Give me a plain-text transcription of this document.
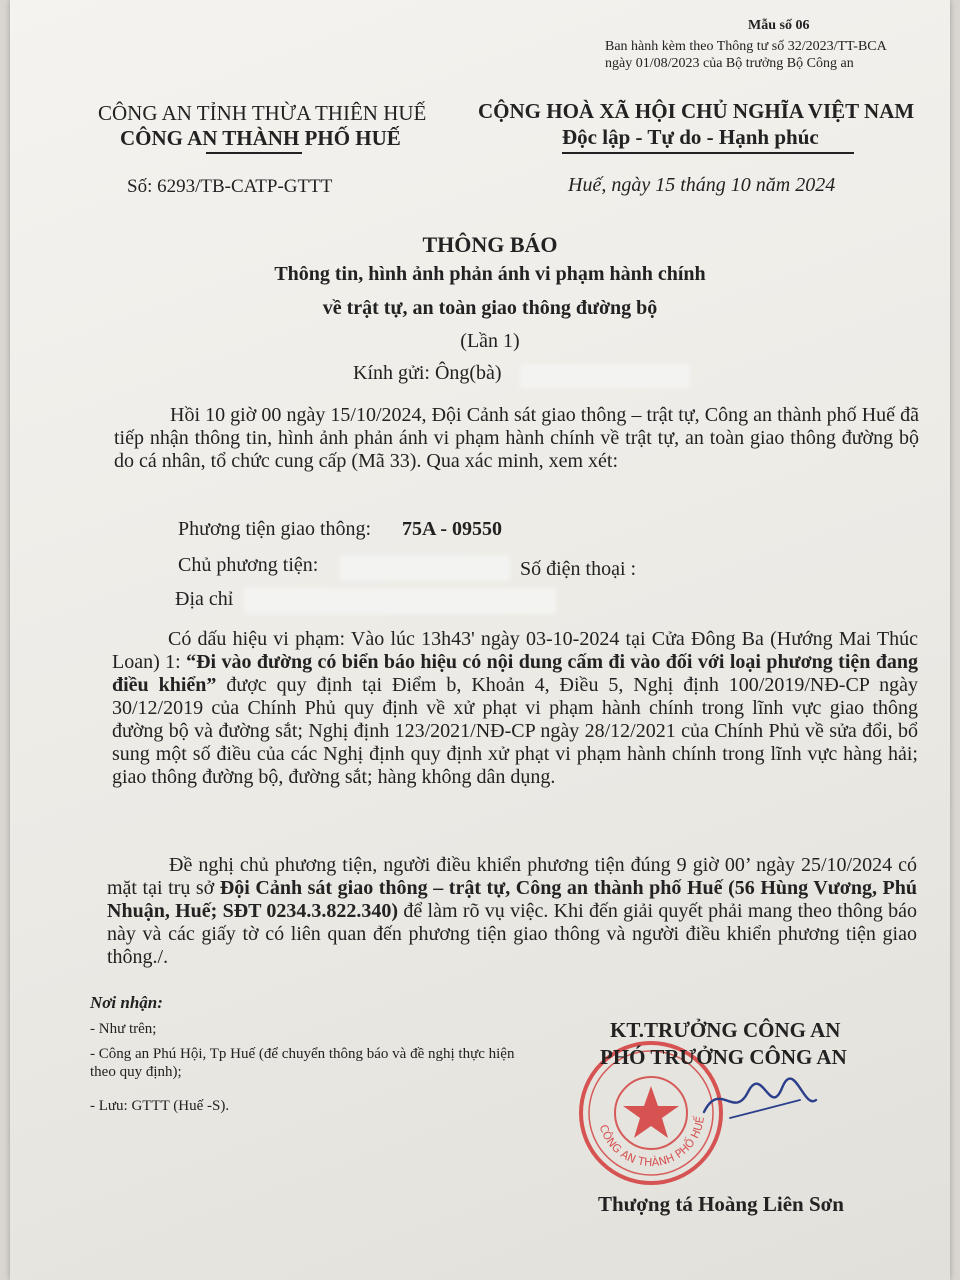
Mẫu số 06
Ban hành kèm theo Thông tư số 32/2023/TT-BCA
ngày 01/08/2023 của Bộ trưởng Bộ Công an
CÔNG AN TỈNH THỪA THIÊN HUẾ
CÔNG AN THÀNH PHỐ HUẾ
CỘNG HOÀ XÃ HỘI CHỦ NGHĨA VIỆT NAM
Độc lập - Tự do - Hạnh phúc
Số: 6293/TB-CATP-GTTT	Huế, ngày 15 tháng 10 năm 2024
THÔNG BÁO
Thông tin, hình ảnh phản ánh vi phạm hành chính
về trật tự, an toàn giao thông đường bộ
(Lần 1)
Kính gửi: Ông(bà)
Hồi 10 giờ 00 ngày 15/10/2024, Đội Cảnh sát giao thông – trật tự, Công an thành phố Huế đã tiếp nhận thông tin, hình ảnh phản ánh vi phạm hành chính về trật tự, an toàn giao thông đường bộ do cá nhân, tổ chức cung cấp (Mã 33). Qua xác minh, xem xét:
Phương tiện giao thông: 75A - 09550
Chủ phương tiện:	Số điện thoại :
Địa chỉ
Có dấu hiệu vi phạm: Vào lúc 13h43' ngày 03-10-2024 tại Cửa Đông Ba (Hướng Mai Thúc Loan) 1: “Đi vào đường có biển báo hiệu có nội dung cấm đi vào đối với loại phương tiện đang điều khiển” được quy định tại Điểm b, Khoản 4, Điều 5, Nghị định 100/2019/NĐ-CP ngày 30/12/2019 của Chính Phủ quy định về xử phạt vi phạm hành chính trong lĩnh vực giao thông đường bộ và đường sắt; Nghị định 123/2021/NĐ-CP ngày 28/12/2021 của Chính Phủ về sửa đổi, bổ sung một số điều của các Nghị định quy định xử phạt vi phạm hành chính trong lĩnh vực hàng hải; giao thông đường bộ, đường sắt; hàng không dân dụng.
Đề nghị chủ phương tiện, người điều khiển phương tiện đúng 9 giờ 00’ ngày 25/10/2024 có mặt tại trụ sở Đội Cảnh sát giao thông – trật tự, Công an thành phố Huế (56 Hùng Vương, Phú Nhuận, Huế; SĐT 0234.3.822.340) để làm rõ vụ việc. Khi đến giải quyết phải mang theo thông báo này và các giấy tờ có liên quan đến phương tiện giao thông và người điều khiển phương tiện giao thông./.
Nơi nhận:
- Như trên;
- Công an Phú Hội, Tp Huế (để chuyển thông báo và đề nghị thực hiện theo quy định);
- Lưu: GTTT (Huế -S).
CÔNG AN THÀNH PHỐ HUẾ
KT.TRƯỞNG CÔNG AN
PHÓ TRƯỞNG CÔNG AN
Thượng tá Hoàng Liên Sơn
